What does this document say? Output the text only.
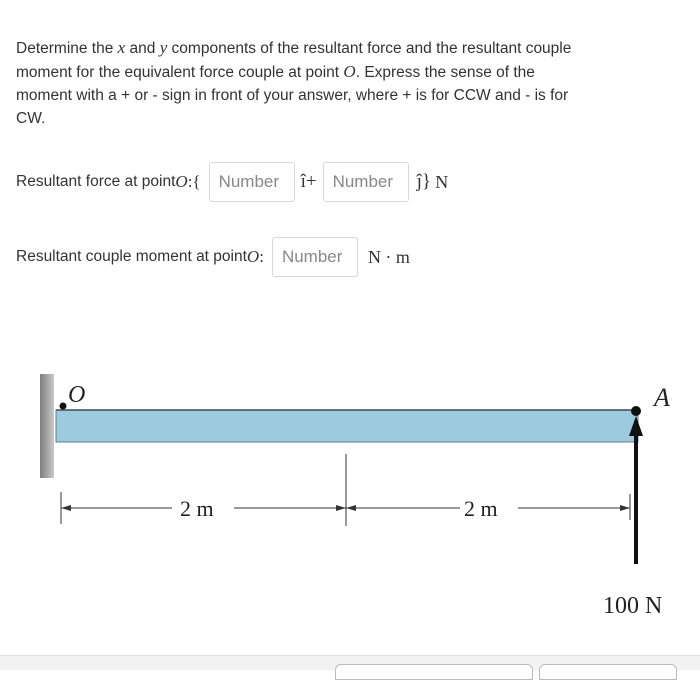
Determine the x and y components of the resultant force and the resultant couple moment for the equivalent force couple at point O. Express the sense of the moment with a + or - sign in front of your answer, where + is for CCW and - is for CW.
Resultant force at point O :{
Number	î +
Number	ĵ}
N
Resultant couple moment at point O :
Number	N · m
O	A
100 N
2 m	2 m
